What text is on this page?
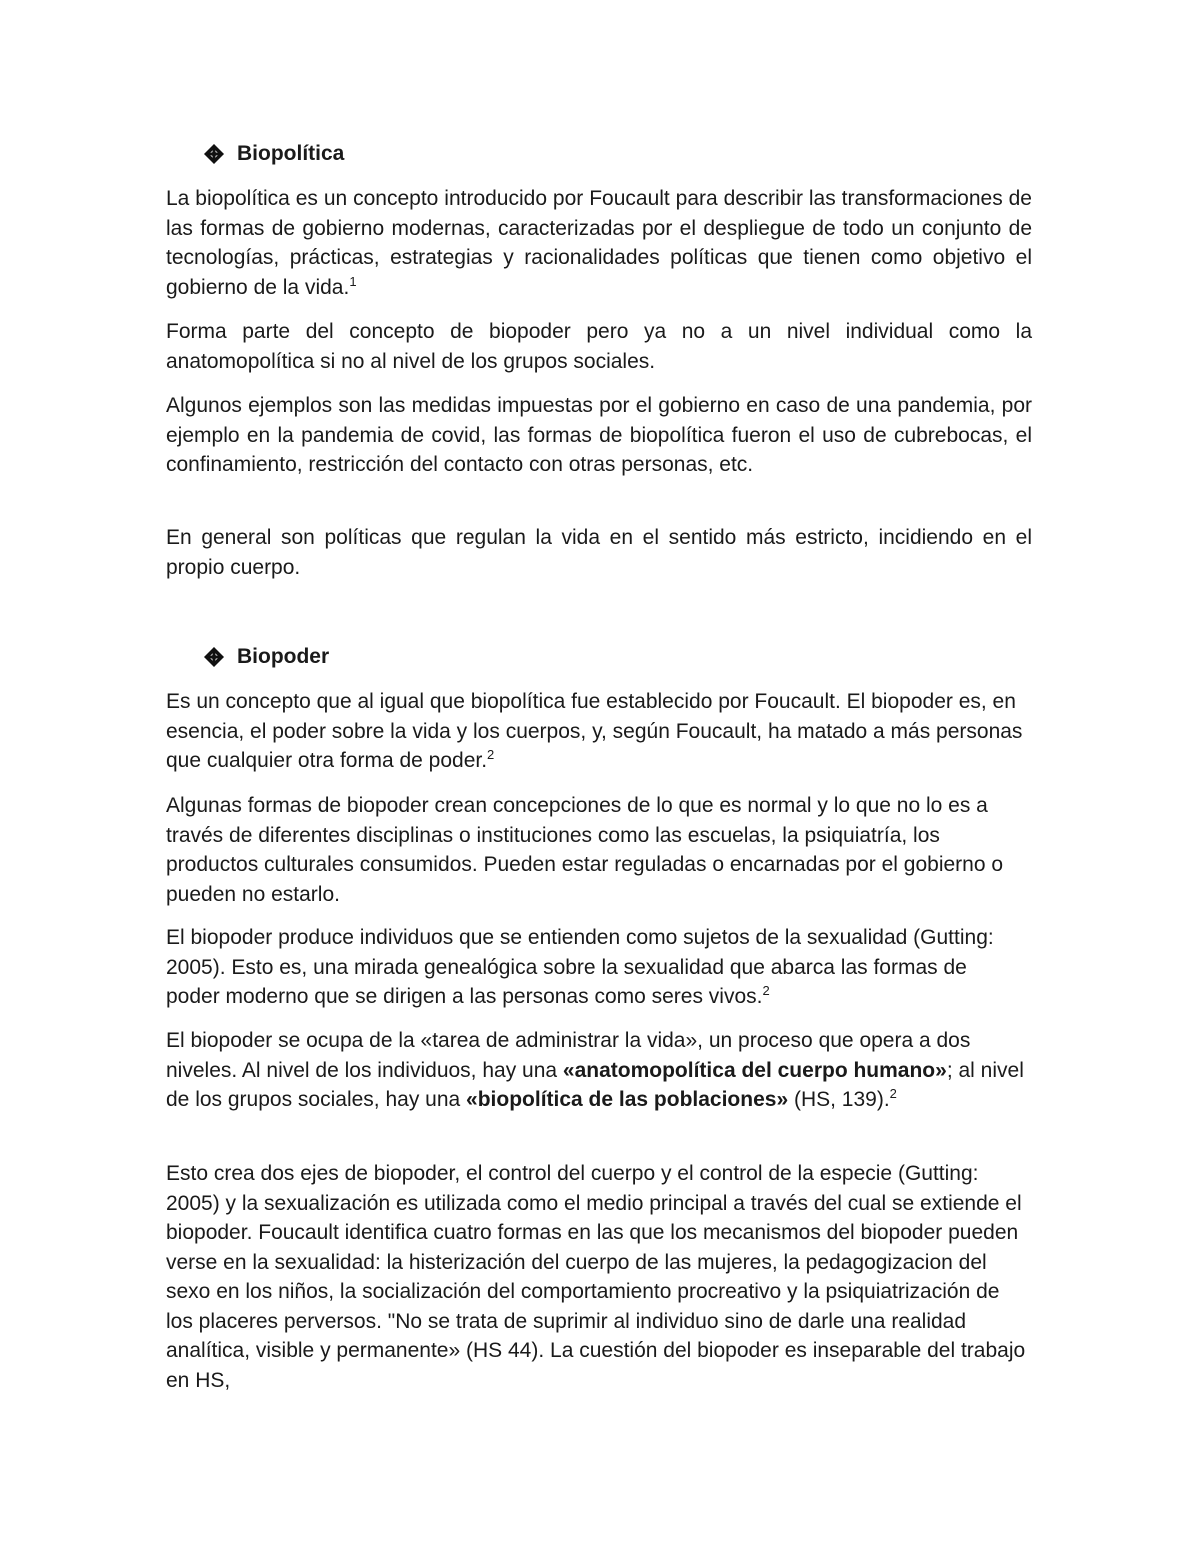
Biopolítica

La biopolítica es un concepto introducido por Foucault para describir las transformaciones de las formas de gobierno modernas, caracterizadas por el despliegue de todo un conjunto de tecnologías, prácticas, estrategias y racionalidades políticas que tienen como objetivo el gobierno de la vida.$^1$

Forma parte del concepto de biopoder pero ya no a un nivel individual como la anatomopolítica si no al nivel de los grupos sociales.

Algunos ejemplos son las medidas impuestas por el gobierno en caso de una pandemia, por ejemplo en la pandemia de covid, las formas de biopolítica fueron el uso de cubrebocas, el confinamiento, restricción del contacto con otras personas, etc.

En general son políticas que regulan la vida en el sentido más estricto, incidiendo en el propio cuerpo.

Biopoder

Es un concepto que al igual que biopolítica fue establecido por Foucault. El biopoder es, en esencia, el poder sobre la vida y los cuerpos, y, según Foucault, ha matado a más personas que cualquier otra forma de poder.$^2$

Algunas formas de biopoder crean concepciones de lo que es normal y lo que no lo es a través de diferentes disciplinas o instituciones como las escuelas, la psiquiatría, los productos culturales consumidos. Pueden estar reguladas o encarnadas por el gobierno o pueden no estarlo.

El biopoder produce individuos que se entienden como sujetos de la sexualidad (Gutting: 2005). Esto es, una mirada genealógica sobre la sexualidad que abarca las formas de poder moderno que se dirigen a las personas como seres vivos.$^2$

El biopoder se ocupa de la «tarea de administrar la vida», un proceso que opera a dos niveles. Al nivel de los individuos, hay una «anatomopolítica del cuerpo humano»; al nivel de los grupos sociales, hay una «biopolítica de las poblaciones» (HS, 139).$^2$

Esto crea dos ejes de biopoder, el control del cuerpo y el control de la especie (Gutting: 2005) y la sexualización es utilizada como el medio principal a través del cual se extiende el biopoder. Foucault identifica cuatro formas en las que los mecanismos del biopoder pueden verse en la sexualidad: la histerización del cuerpo de las mujeres, la pedagogizacion del sexo en los niños, la socialización del comportamiento procreativo y la psiquiatrización de los placeres perversos. "No se trata de suprimir al individuo sino de darle una realidad analítica, visible y permanente» (HS 44). La cuestión del biopoder es inseparable del trabajo en HS,
